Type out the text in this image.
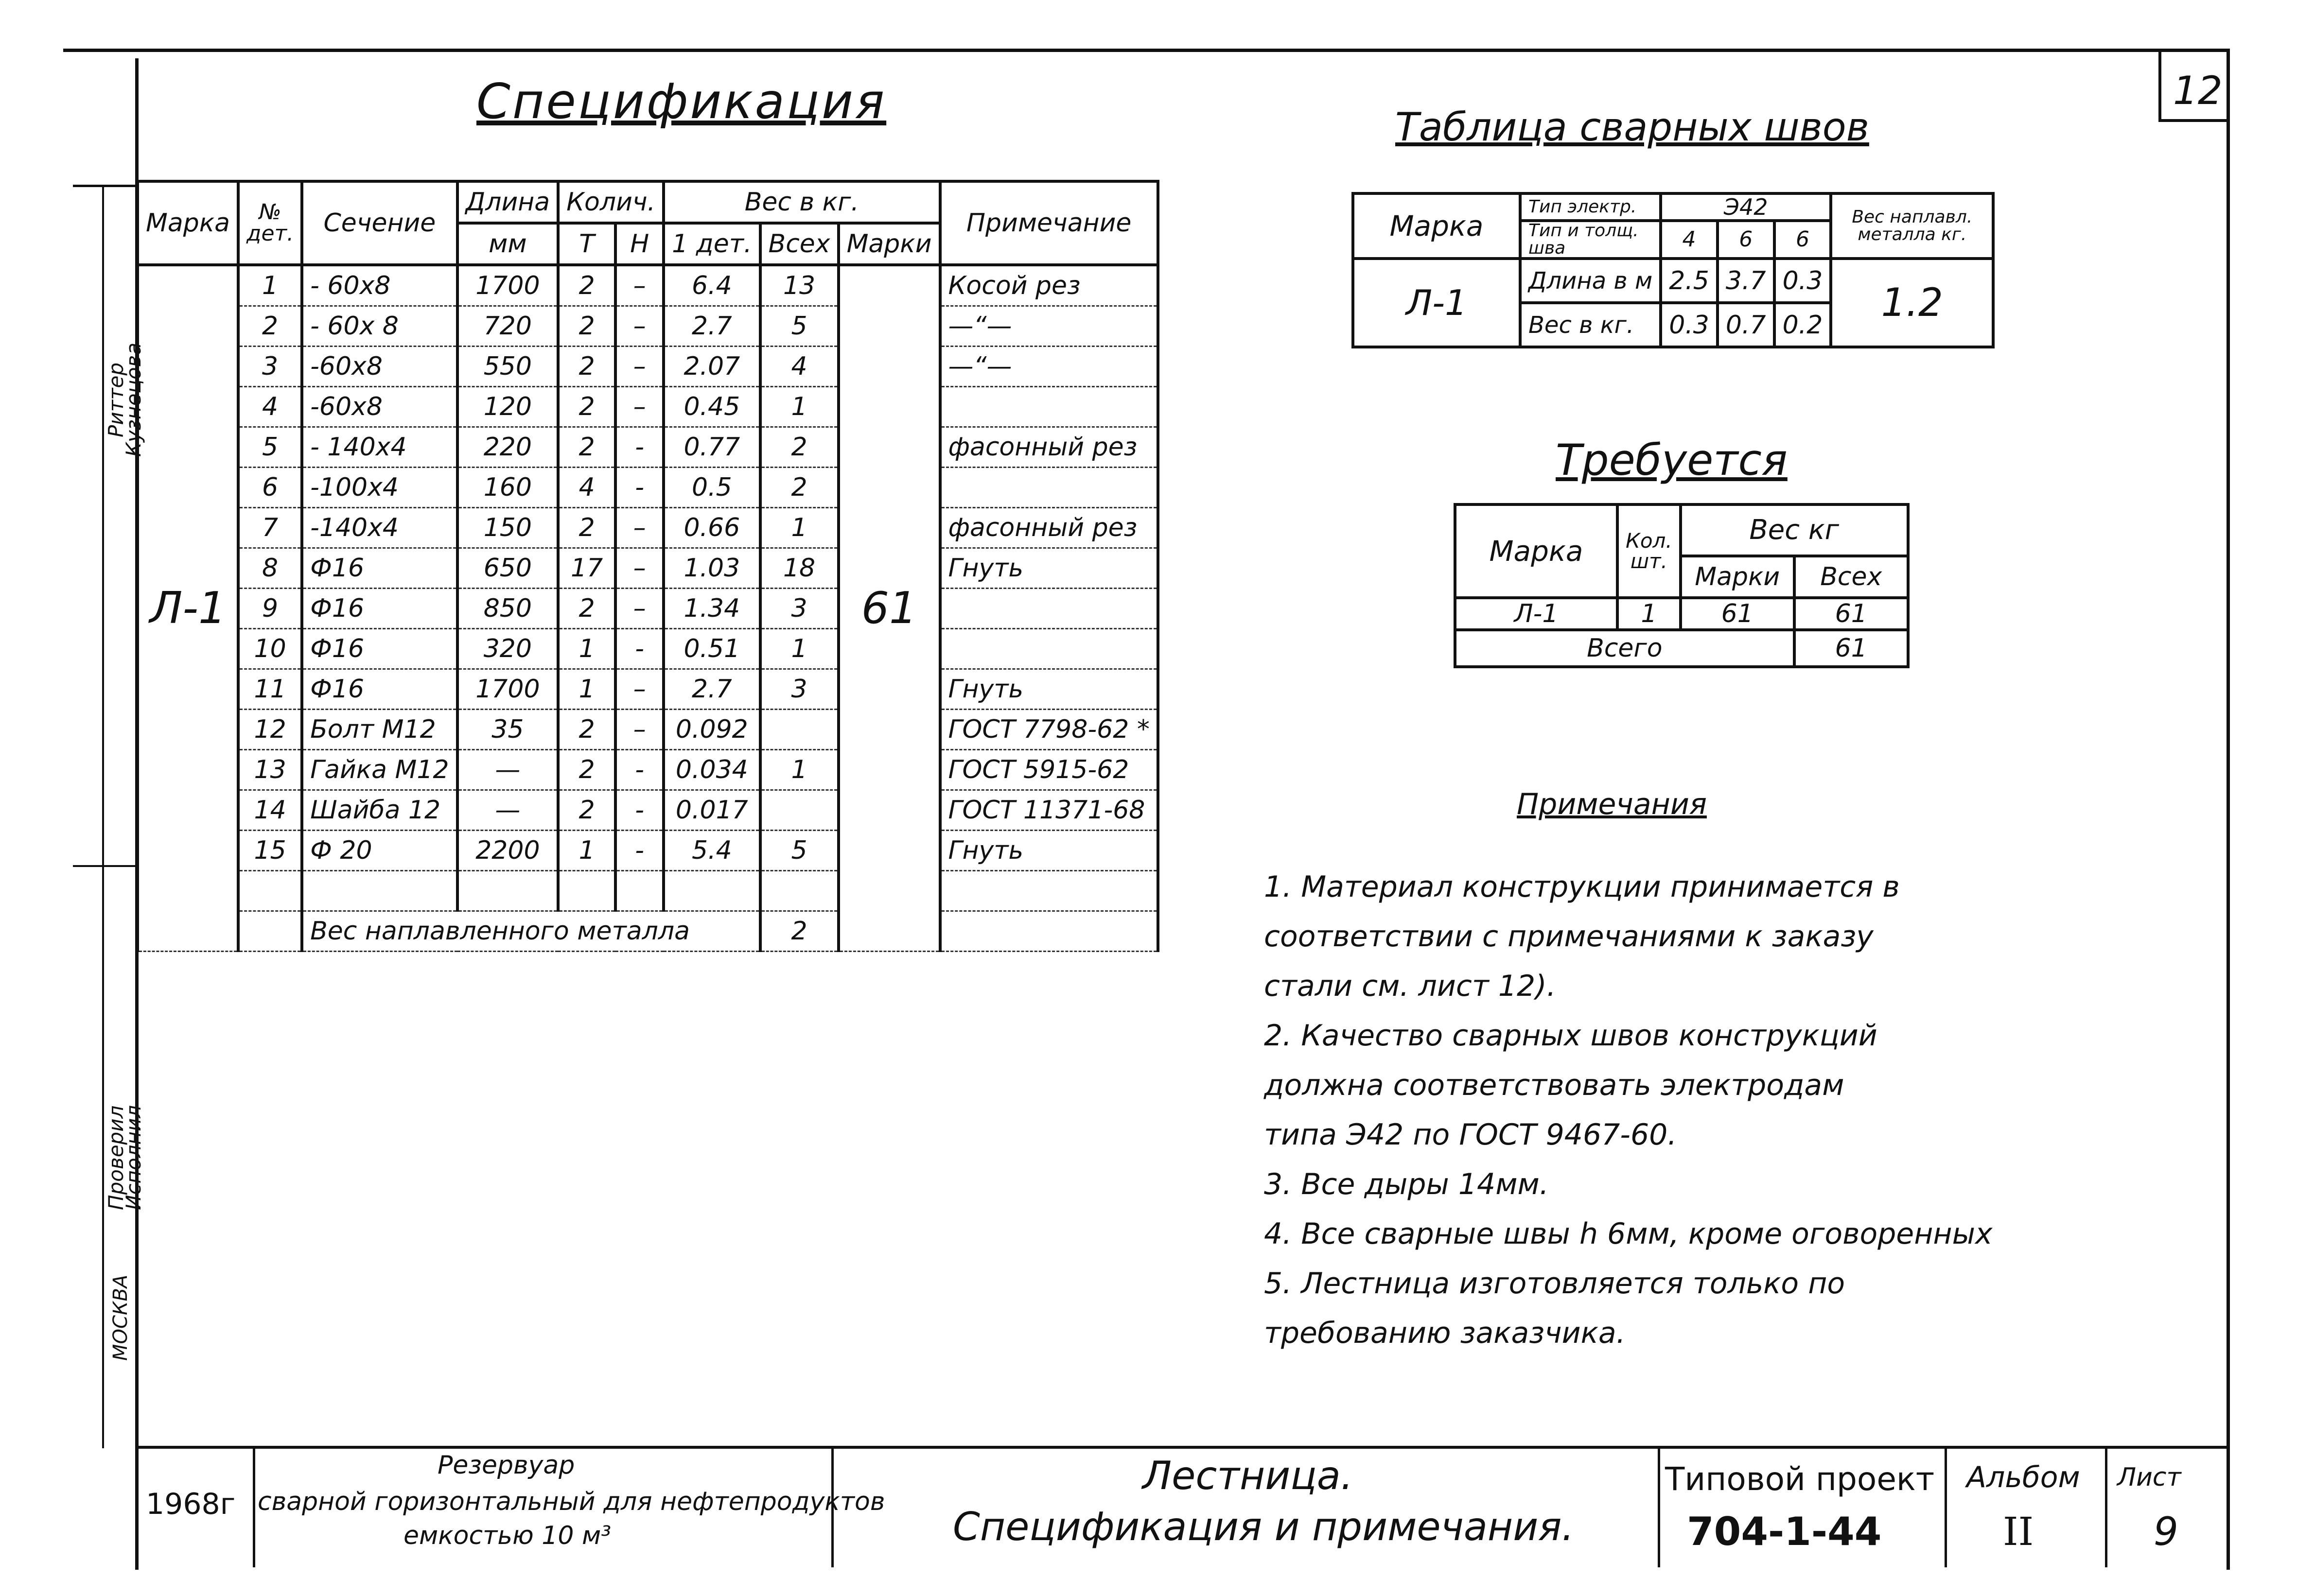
12
Риттер
Кузнецова
Проверил
Исполнил
МОСКВА
Спецификация
Марка	№ дет.	Сечение	Длина	Колич.		Вес в кг.			Примечание
			мм	Т	Н	1 дет.	Всех	Марки	
Л-1	1	- 60x8	1700	2	–	6.4	13	61	Косой рез
	2	- 60x 8	720	2	–	2.7	5		—“—
	3	-60x8	550	2	–	2.07	4		—“—
	4	-60x8	120	2	–	0.45	1		
	5	- 140x4	220	2	-	0.77	2		фасонный рез
	6	-100x4	160	4	-	0.5	2		
	7	-140x4	150	2	–	0.66	1		фасонный рез
	8	Ф16	650	17	–	1.03	18		Гнуть
	9	Ф16	850	2	–	1.34	3		
	10	Ф16	320	1	-	0.51	1		
	11	Ф16	1700	1	–	2.7	3		Гнуть
	12	Болт М12	35	2	–	0.092			ГОСТ 7798-62 *
	13	Гайка М12	—	2	-	0.034	1		ГОСТ 5915-62
	14	Шайба 12	—	2	-	0.017			ГОСТ 11371-68
	15	Ф 20	2200	1	-	5.4	5		Гнуть

		Вес наплавленного металла					2		
Таблица сварных швов
Марка	Тип электр.	Э42			Вес наплавл. металла кг.
	Тип и толщ. шва	4	6	6	

Л-1	Длина в м	2.5	3.7	0.3	1.2
	Вес в кг.	0.3	0.7	0.2	
Требуется
Марка	Кол. шт.	Вес кг	
		Марки	Всех
Л-1	1	61	61
Всего			61
Примечания
1. Материал конструкции принимается в
соответствии с примечаниями к заказу
стали см. лист 12).
2. Качество сварных швов конструкций
должна соответствовать электродам
типа Э42 по ГОСТ 9467-60.
3. Все дыры 14мм.
4. Все сварные швы h 6мм, кроме оговоренных
5. Лестница изготовляется только по
требованию заказчика.
1968г
Резервуар
сварной горизонтальный для нефтепродуктов
емкостью 10 м³
Лестница.
Спецификация и примечания.
Типовой проект
704-1-44
Альбом
II
Лист
9
